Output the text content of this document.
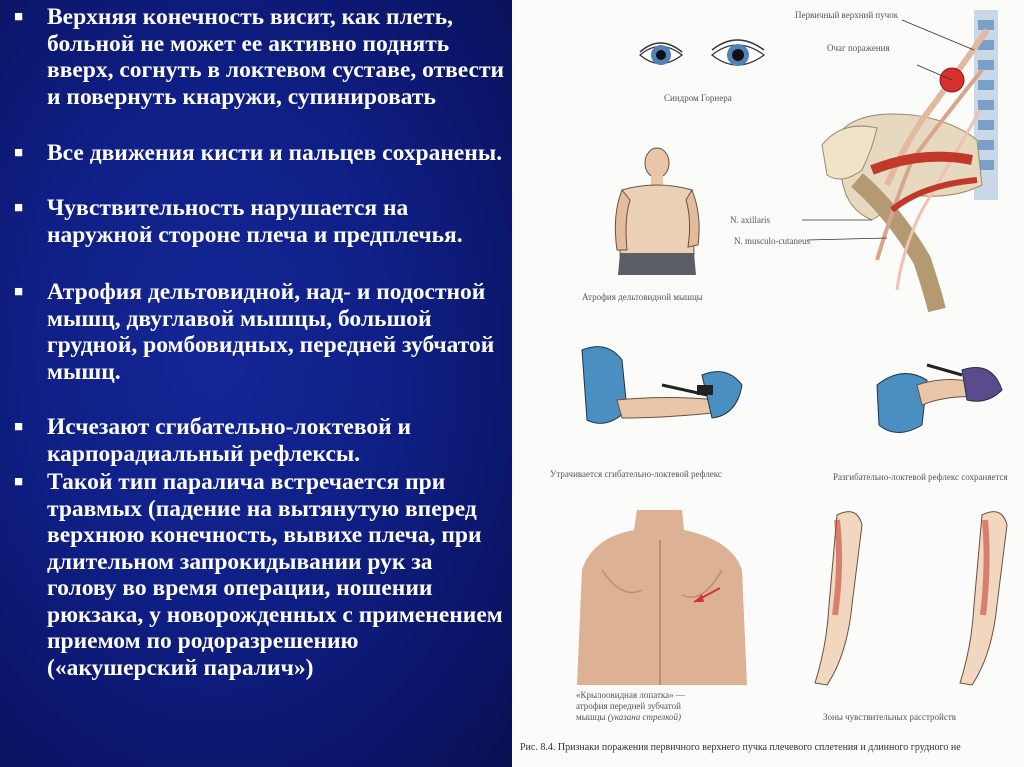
■ Верхняя конечность висит, как плеть, больной не может ее активно поднять вверх, согнуть в локтевом суставе, отвести и повернуть кнаружи, супинировать
■ Все движения кисти и пальцев сохранены.
■ Чувствительность нарушается на наружной стороне плеча и предплечья.
■ Атрофия дельтовидной, над- и подостной мышц, двуглавой мышцы, большой грудной, ромбовидных, передней зубчатой мышц.
■ Исчезают сгибательно-локтевой и карпорадиальный рефлексы.
■ Такой тип паралича встречается при травмых (падение на вытянутую вперед верхнюю конечность, вывихе плеча, при длительном запрокидывании рук за голову во время операции, ношении рюкзака, у новорожденных с применением приемом по родоразрешению («акушерский паралич»)
Синдром Горнера
Первичный верхний пучок
Очаг поражения
N. axillaris
N. musculo-cutaneus
Атрофия дельтовидной мышцы
Утрачивается сгибательно-локтевой рефлекс	Разгибательно-локтевой рефлекс сохраняется
«Крылоовидная лопатка» —
атрофия передней зубчатой
мышцы (указана стрелкой)	Зоны чувствительных расстройств
Рис. 8.4. Признаки поражения первичного верхнего пучка плечевого сплетения и длинного грудного не
